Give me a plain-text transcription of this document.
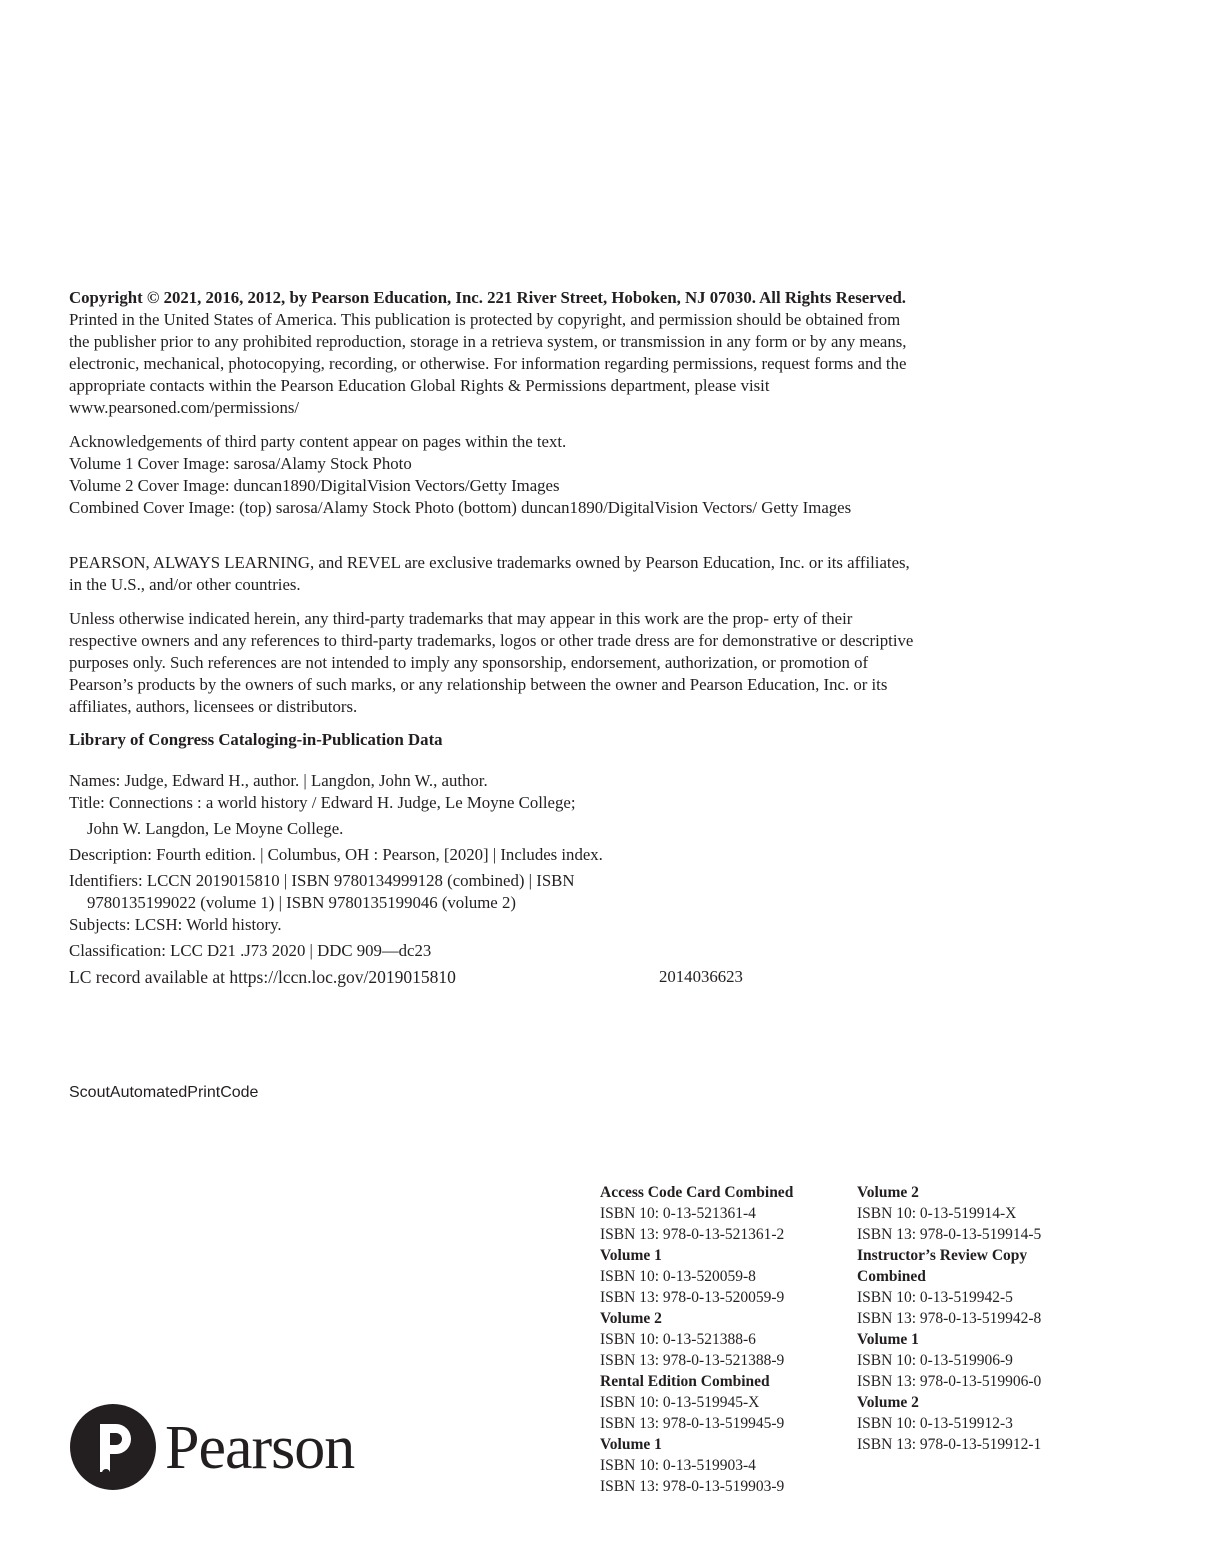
Copyright © 2021, 2016, 2012, by Pearson Education, Inc. 221 River Street, Hoboken, NJ 07030. All Rights Reserved. Printed in the United States of America. This publication is protected by copyright, and permission should be obtained from the publisher prior to any prohibited reproduction, storage in a retrieva system, or transmission in any form or by any means, electronic, mechanical, photocopying, recording, or otherwise. For information regarding permissions, request forms and the appropriate contacts within the Pearson Education Global Rights & Permissions department, please visit www.pearsoned.com/permissions/

Acknowledgements of third party content appear on pages within the text.

Volume 1 Cover Image: sarosa/Alamy Stock Photo

Volume 2 Cover Image: duncan1890/DigitalVision Vectors/Getty Images

Combined Cover Image: (top) sarosa/Alamy Stock Photo (bottom) duncan1890/DigitalVision Vectors/ Getty Images

PEARSON, ALWAYS LEARNING, and REVEL are exclusive trademarks owned by Pearson Education, Inc. or its affiliates, in the U.S., and/or other countries.

Unless otherwise indicated herein, any third-party trademarks that may appear in this work are the prop- erty of their respective owners and any references to third-party trademarks, logos or other trade dress are for demonstrative or descriptive purposes only. Such references are not intended to imply any sponsorship, endorsement, authorization, or promotion of Pearson’s products by the owners of such marks, or any relationship between the owner and Pearson Education, Inc. or its affiliates, authors, licensees or distributors.

Library of Congress Cataloging-in-Publication Data
Names: Judge, Edward H., author. | Langdon, John W., author.
Title: Connections : a world history / Edward H. Judge, Le Moyne College;
John W. Langdon, Le Moyne College.
Description: Fourth edition. | Columbus, OH : Pearson, [2020] | Includes index.
Identifiers: LCCN 2019015810 | ISBN 9780134999128 (combined) | ISBN
9780135199022 (volume 1) | ISBN 9780135199046 (volume 2)
Subjects: LCSH: World history.
Classification: LCC D21 .J73 2020 | DDC 909—dc23
LC record available at https://lccn.loc.gov/2019015810	2014036623
ScoutAutomatedPrintCode
Access Code Card Combined
ISBN 10: 0-13-521361-4
ISBN 13: 978-0-13-521361-2
Volume 1
ISBN 10: 0-13-520059-8
ISBN 13: 978-0-13-520059-9
Volume 2
ISBN 10: 0-13-521388-6
ISBN 13: 978-0-13-521388-9
Rental Edition Combined
ISBN 10: 0-13-519945-X
ISBN 13: 978-0-13-519945-9
Volume 1
ISBN 10: 0-13-519903-4
ISBN 13: 978-0-13-519903-9
Volume 2
ISBN 10: 0-13-519914-X
ISBN 13: 978-0-13-519914-5
Instructor’s Review Copy
Combined
ISBN 10: 0-13-519942-5
ISBN 13: 978-0-13-519942-8
Volume 1
ISBN 10: 0-13-519906-9
ISBN 13: 978-0-13-519906-0
Volume 2
ISBN 10: 0-13-519912-3
ISBN 13: 978-0-13-519912-1
Pearson
